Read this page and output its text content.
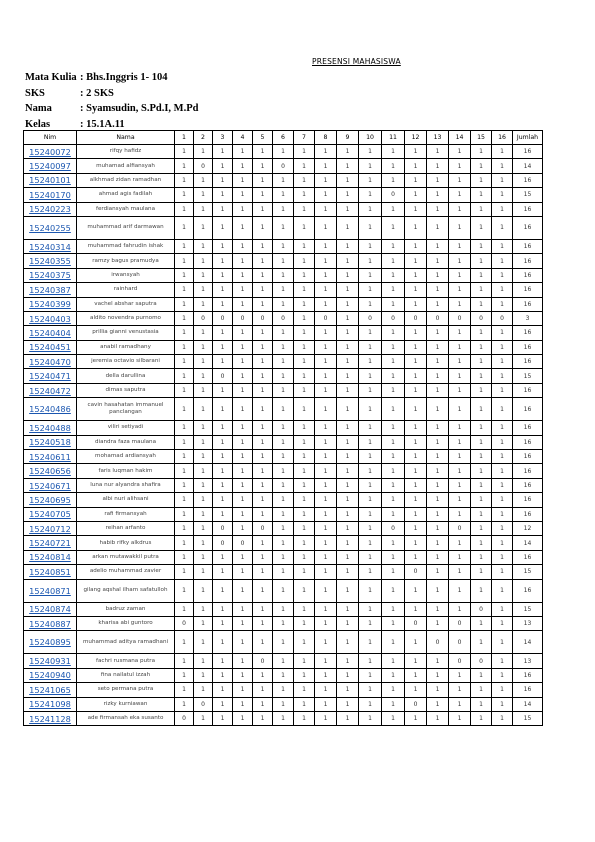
PRESENSI MAHASISWA
Mata Kulia : Bhs.Inggris 1- 104
SKS	: 2 SKS
Nama	: Syamsudin, S.Pd.I, M.Pd
Kelas	: 15.1A.11
Nim	Nama	1	2	3	4	5	6	7	8	9	10	11	12	13	14	15	16	Jumlah
15240072	rifqy hafidz	1	1	1	1	1	1	1	1	1	1	1	1	1	1	1	1	16
15240097	muhamad alfiansyah	1	0	1	1	1	0	1	1	1	1	1	1	1	1	1	1	14
15240101	alkhmad zidan ramadhan	1	1	1	1	1	1	1	1	1	1	1	1	1	1	1	1	16
15240170	ahmad agis fadilah	1	1	1	1	1	1	1	1	1	1	0	1	1	1	1	1	15
15240223	ferdiansyah maulana	1	1	1	1	1	1	1	1	1	1	1	1	1	1	1	1	16
15240255	muhammad arif darmawan	1	1	1	1	1	1	1	1	1	1	1	1	1	1	1	1	16
15240314	muhammad fahrudin ishak	1	1	1	1	1	1	1	1	1	1	1	1	1	1	1	1	16
15240355	ramzy bagus pramudya	1	1	1	1	1	1	1	1	1	1	1	1	1	1	1	1	16
15240375	irwansyah	1	1	1	1	1	1	1	1	1	1	1	1	1	1	1	1	16
15240387	rainhard	1	1	1	1	1	1	1	1	1	1	1	1	1	1	1	1	16
15240399	vachel abshar saputra	1	1	1	1	1	1	1	1	1	1	1	1	1	1	1	1	16
15240403	aldito novendra purnomo	1	0	0	0	0	0	1	0	1	0	0	0	0	0	0	0	3
15240404	prillia gianni venustasia	1	1	1	1	1	1	1	1	1	1	1	1	1	1	1	1	16
15240451	anabil ramadhany	1	1	1	1	1	1	1	1	1	1	1	1	1	1	1	1	16
15240470	jeremia octavio silbarani	1	1	1	1	1	1	1	1	1	1	1	1	1	1	1	1	16
15240471	della darullina	1	1	0	1	1	1	1	1	1	1	1	1	1	1	1	1	15
15240472	dimas saputra	1	1	1	1	1	1	1	1	1	1	1	1	1	1	1	1	16
15240486	cavin hasahatan immanuel panclangan	1	1	1	1	1	1	1	1	1	1	1	1	1	1	1	1	16
15240488	viliri setiyadi	1	1	1	1	1	1	1	1	1	1	1	1	1	1	1	1	16
15240518	diandra faza maulana	1	1	1	1	1	1	1	1	1	1	1	1	1	1	1	1	16
15240611	mohamad ardiansyah	1	1	1	1	1	1	1	1	1	1	1	1	1	1	1	1	16
15240656	faris luqman hakim	1	1	1	1	1	1	1	1	1	1	1	1	1	1	1	1	16
15240671	luna nur alyandra shafira	1	1	1	1	1	1	1	1	1	1	1	1	1	1	1	1	16
15240695	albi nuri alihsani	1	1	1	1	1	1	1	1	1	1	1	1	1	1	1	1	16
15240705	rafi firmansyah	1	1	1	1	1	1	1	1	1	1	1	1	1	1	1	1	16
15240712	reihan arfanto	1	1	0	1	0	1	1	1	1	1	0	1	1	0	1	1	12
15240721	habib rifky alkdrus	1	1	0	0	1	1	1	1	1	1	1	1	1	1	1	1	14
15240814	arkan mutawakkil putra	1	1	1	1	1	1	1	1	1	1	1	1	1	1	1	1	16
15240851	adelio muhammad zavier	1	1	1	1	1	1	1	1	1	1	1	0	1	1	1	1	15
15240871	gilang aqshal ilham safatulloh	1	1	1	1	1	1	1	1	1	1	1	1	1	1	1	1	16
15240874	badruz zaman	1	1	1	1	1	1	1	1	1	1	1	1	1	1	0	1	15
15240887	kharisa abi guntoro	0	1	1	1	1	1	1	1	1	1	1	0	1	0	1	1	13
15240895	muhammad aditya ramadhani	1	1	1	1	1	1	1	1	1	1	1	1	0	0	1	1	14
15240931	fachri rusmana putra	1	1	1	1	0	1	1	1	1	1	1	1	1	0	0	1	13
15240940	fina nailatul izzah	1	1	1	1	1	1	1	1	1	1	1	1	1	1	1	1	16
15241065	seto permana putra	1	1	1	1	1	1	1	1	1	1	1	1	1	1	1	1	16
15241098	rizky kurniawan	1	0	1	1	1	1	1	1	1	1	1	0	1	1	1	1	14
15241128	ade firmansah eka susanto	0	1	1	1	1	1	1	1	1	1	1	1	1	1	1	1	15
